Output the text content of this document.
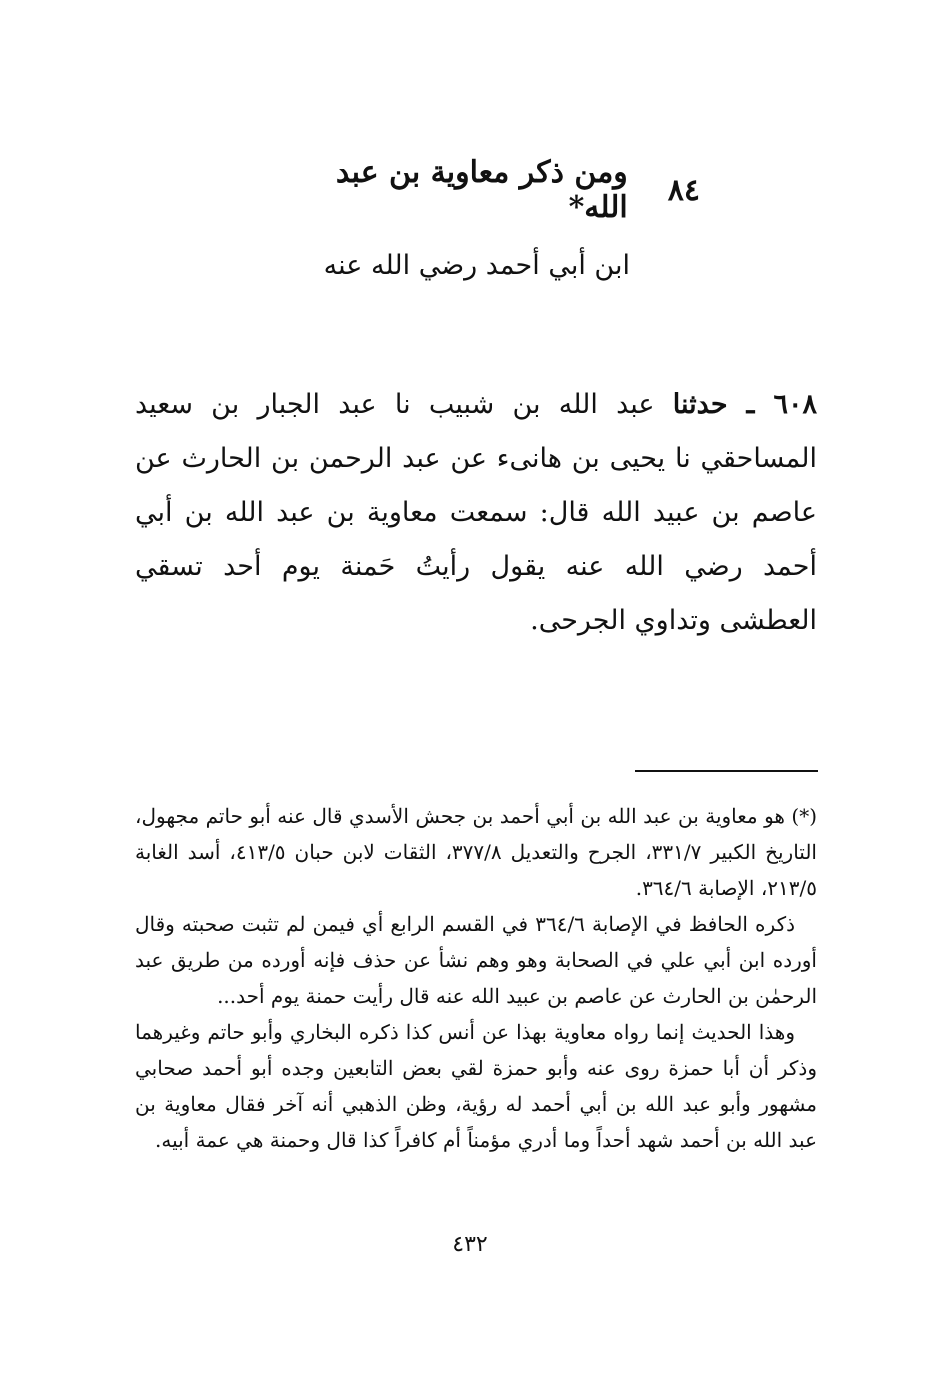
٨٤
ومن ذكر معاوية بن عبد الله*
ابن أبي أحمد رضي الله عنه
٦٠٨ ـ حدثنا عبد الله بن شبيب نا عبد الجبار بن سعيد المساحقي نا يحيى بن هانىء عن عبد الرحمن بن الحارث عن عاصم بن عبيد الله قال: سمعت معاوية بن عبد الله بن أبي أحمد رضي الله عنه يقول رأيتُ حَمنة يوم أحد تسقي العطشى وتداوي الجرحى.

(*) هو معاوية بن عبد الله بن أبي أحمد بن جحش الأسدي قال عنه أبو حاتم مجهول، التاريخ الكبير ٣٣١/٧، الجرح والتعديل ٣٧٧/٨، الثقات لابن حبان ٤١٣/٥، أسد الغابة ٢١٣/٥، الإصابة ٣٦٤/٦.

ذكره الحافظ في الإصابة ٣٦٤/٦ في القسم الرابع أي فيمن لم تثبت صحبته وقال أورده ابن أبي علي في الصحابة وهو وهم نشأ عن حذف فإنه أورده من طريق عبد الرحمٰن بن الحارث عن عاصم بن عبيد الله عنه قال رأيت حمنة يوم أحد...

وهذا الحديث إنما رواه معاوية بهذا عن أنس كذا ذكره البخاري وأبو حاتم وغيرهما وذكر أن أبا حمزة روى عنه وأبو حمزة لقي بعض التابعين وجده أبو أحمد صحابي مشهور وأبو عبد الله بن أبي أحمد له رؤية، وظن الذهبي أنه آخر فقال معاوية بن عبد الله بن أحمد شهد أحداً وما أدري مؤمناً أم كافراً كذا قال وحمنة هي عمة أبيه.

٤٣٢
